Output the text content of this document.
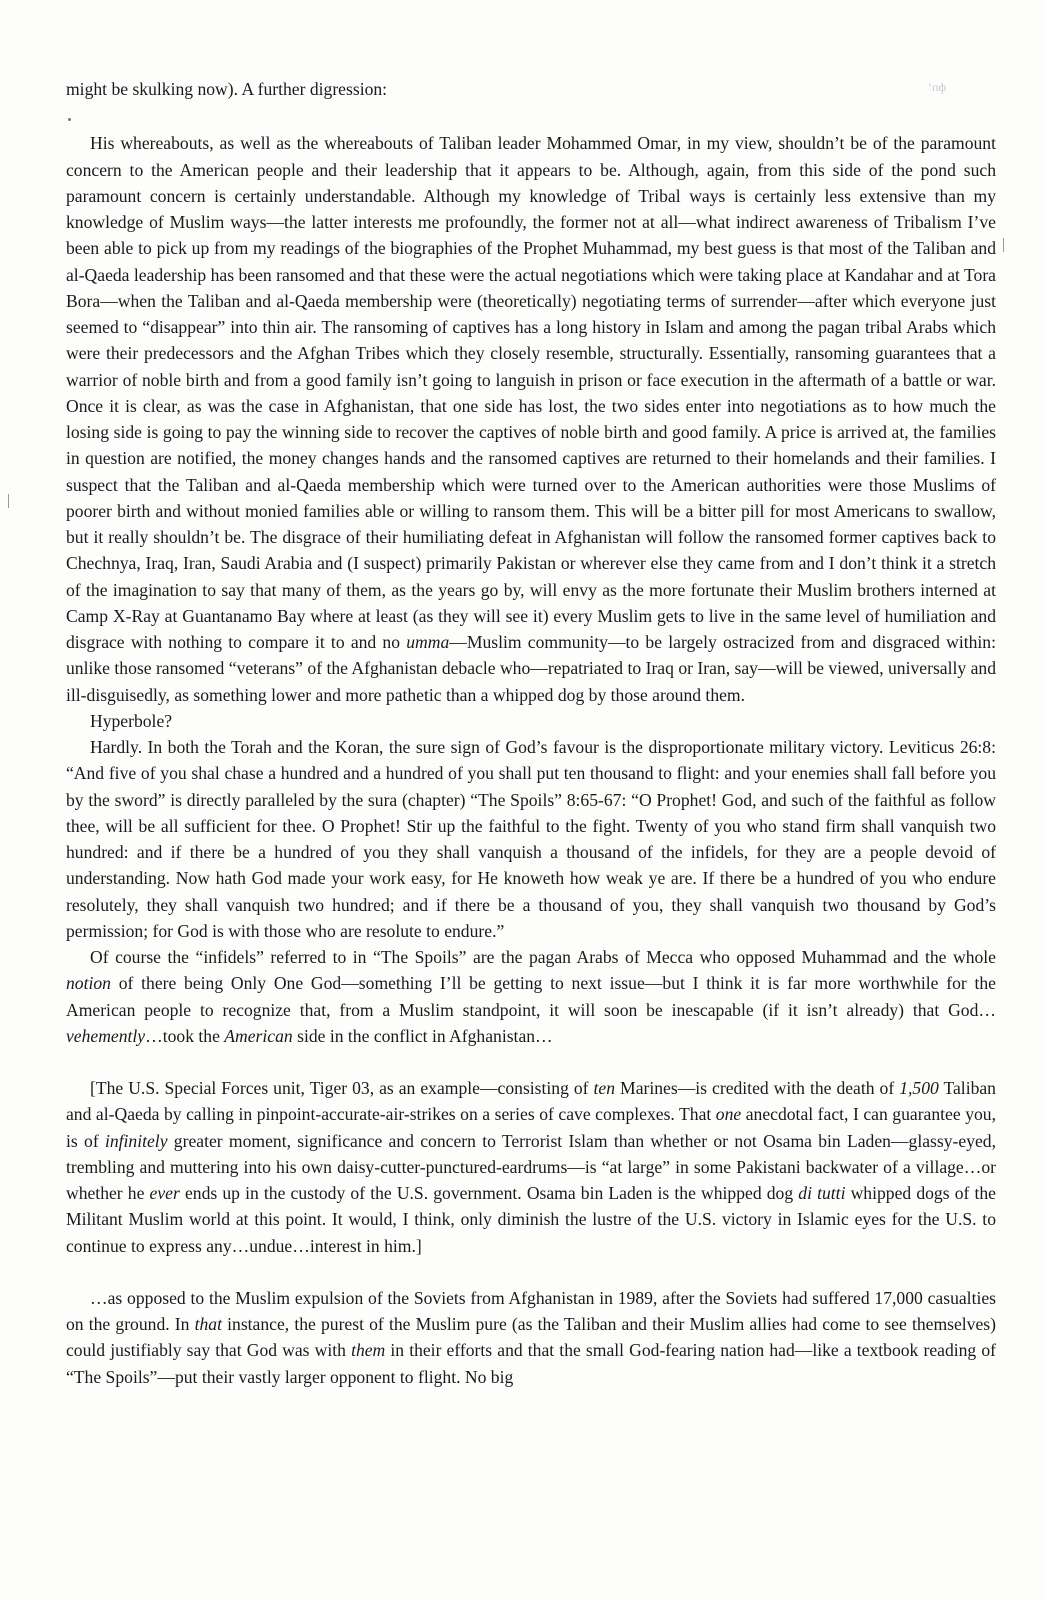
ʻпф

might be skulking now). A further digression:

His whereabouts, as well as the whereabouts of Taliban leader Mohammed Omar, in my view, shouldn’t be of the paramount concern to the American people and their leadership that it appears to be. Although, again, from this side of the pond such paramount concern is certainly understandable. Although my knowledge of Tribal ways is certainly less extensive than my knowledge of Muslim ways—the latter interests me profoundly, the former not at all—what indirect awareness of Tribalism I’ve been able to pick up from my readings of the biographies of the Prophet Muhammad, my best guess is that most of the Taliban and al-Qaeda leadership has been ransomed and that these were the actual negotiations which were taking place at Kandahar and at Tora Bora—when the Taliban and al-Qaeda membership were (theoretically) negotiating terms of surrender—after which everyone just seemed to “disappear” into thin air. The ransoming of captives has a long history in Islam and among the pagan tribal Arabs which were their predecessors and the Afghan Tribes which they closely resemble, structurally. Essentially, ransoming guarantees that a warrior of noble birth and from a good family isn’t going to languish in prison or face execution in the aftermath of a battle or war. Once it is clear, as was the case in Afghanistan, that one side has lost, the two sides enter into negotiations as to how much the losing side is going to pay the winning side to recover the captives of noble birth and good family. A price is arrived at, the families in question are notified, the money changes hands and the ransomed captives are returned to their homelands and their families. I suspect that the Taliban and al-Qaeda membership which were turned over to the American authorities were those Muslims of poorer birth and without monied families able or willing to ransom them. This will be a bitter pill for most Americans to swallow, but it really shouldn’t be. The disgrace of their humiliating defeat in Afghanistan will follow the ransomed former captives back to Chechnya, Iraq, Iran, Saudi Arabia and (I suspect) primarily Pakistan or wherever else they came from and I don’t think it a stretch of the imagination to say that many of them, as the years go by, will envy as the more fortunate their Muslim brothers interned at Camp X-Ray at Guantanamo Bay where at least (as they will see it) every Muslim gets to live in the same level of humiliation and disgrace with nothing to compare it to and no umma—Muslim community—to be largely ostracized from and disgraced within: unlike those ransomed “veterans” of the Afghanistan debacle who—repatriated to Iraq or Iran, say—will be viewed, universally and ill-disguisedly, as something lower and more pathetic than a whipped dog by those around them.

Hyperbole?

Hardly. In both the Torah and the Koran, the sure sign of God’s favour is the disproportionate military victory. Leviticus 26:8: “And five of you shal chase a hundred and a hundred of you shall put ten thousand to flight: and your enemies shall fall before you by the sword” is directly paralleled by the sura (chapter) “The Spoils” 8:65-67: “O Prophet! God, and such of the faithful as follow thee, will be all sufficient for thee. O Prophet! Stir up the faithful to the fight. Twenty of you who stand firm shall vanquish two hundred: and if there be a hundred of you they shall vanquish a thousand of the infidels, for they are a people devoid of understanding. Now hath God made your work easy, for He knoweth how weak ye are. If there be a hundred of you who endure resolutely, they shall vanquish two hundred; and if there be a thousand of you, they shall vanquish two thousand by God’s permission; for God is with those who are resolute to endure.”

Of course the “infidels” referred to in “The Spoils” are the pagan Arabs of Mecca who opposed Muhammad and the whole notion of there being Only One God—something I’ll be getting to next issue—but I think it is far more worthwhile for the American people to recognize that, from a Muslim standpoint, it will soon be inescapable (if it isn’t already) that God…vehemently…took the American side in the conflict in Afghanistan…

[The U.S. Special Forces unit, Tiger 03, as an example—consisting of ten Marines—is credited with the death of 1,500 Taliban and al-Qaeda by calling in pinpoint-accurate-air-strikes on a series of cave complexes. That one anecdotal fact, I can guarantee you, is of infinitely greater moment, significance and concern to Terrorist Islam than whether or not Osama bin Laden—glassy-eyed, trembling and muttering into his own daisy-cutter-punctured-eardrums—is “at large” in some Pakistani backwater of a village…or whether he ever ends up in the custody of the U.S. government. Osama bin Laden is the whipped dog di tutti whipped dogs of the Militant Muslim world at this point. It would, I think, only diminish the lustre of the U.S. victory in Islamic eyes for the U.S. to continue to express any…undue…interest in him.]

…as opposed to the Muslim expulsion of the Soviets from Afghanistan in 1989, after the Soviets had suffered 17,000 casualties on the ground. In that instance, the purest of the Muslim pure (as the Taliban and their Muslim allies had come to see themselves) could justifiably say that God was with them in their efforts and that the small God-fearing nation had—like a textbook reading of “The Spoils”—put their vastly larger opponent to flight. No big
